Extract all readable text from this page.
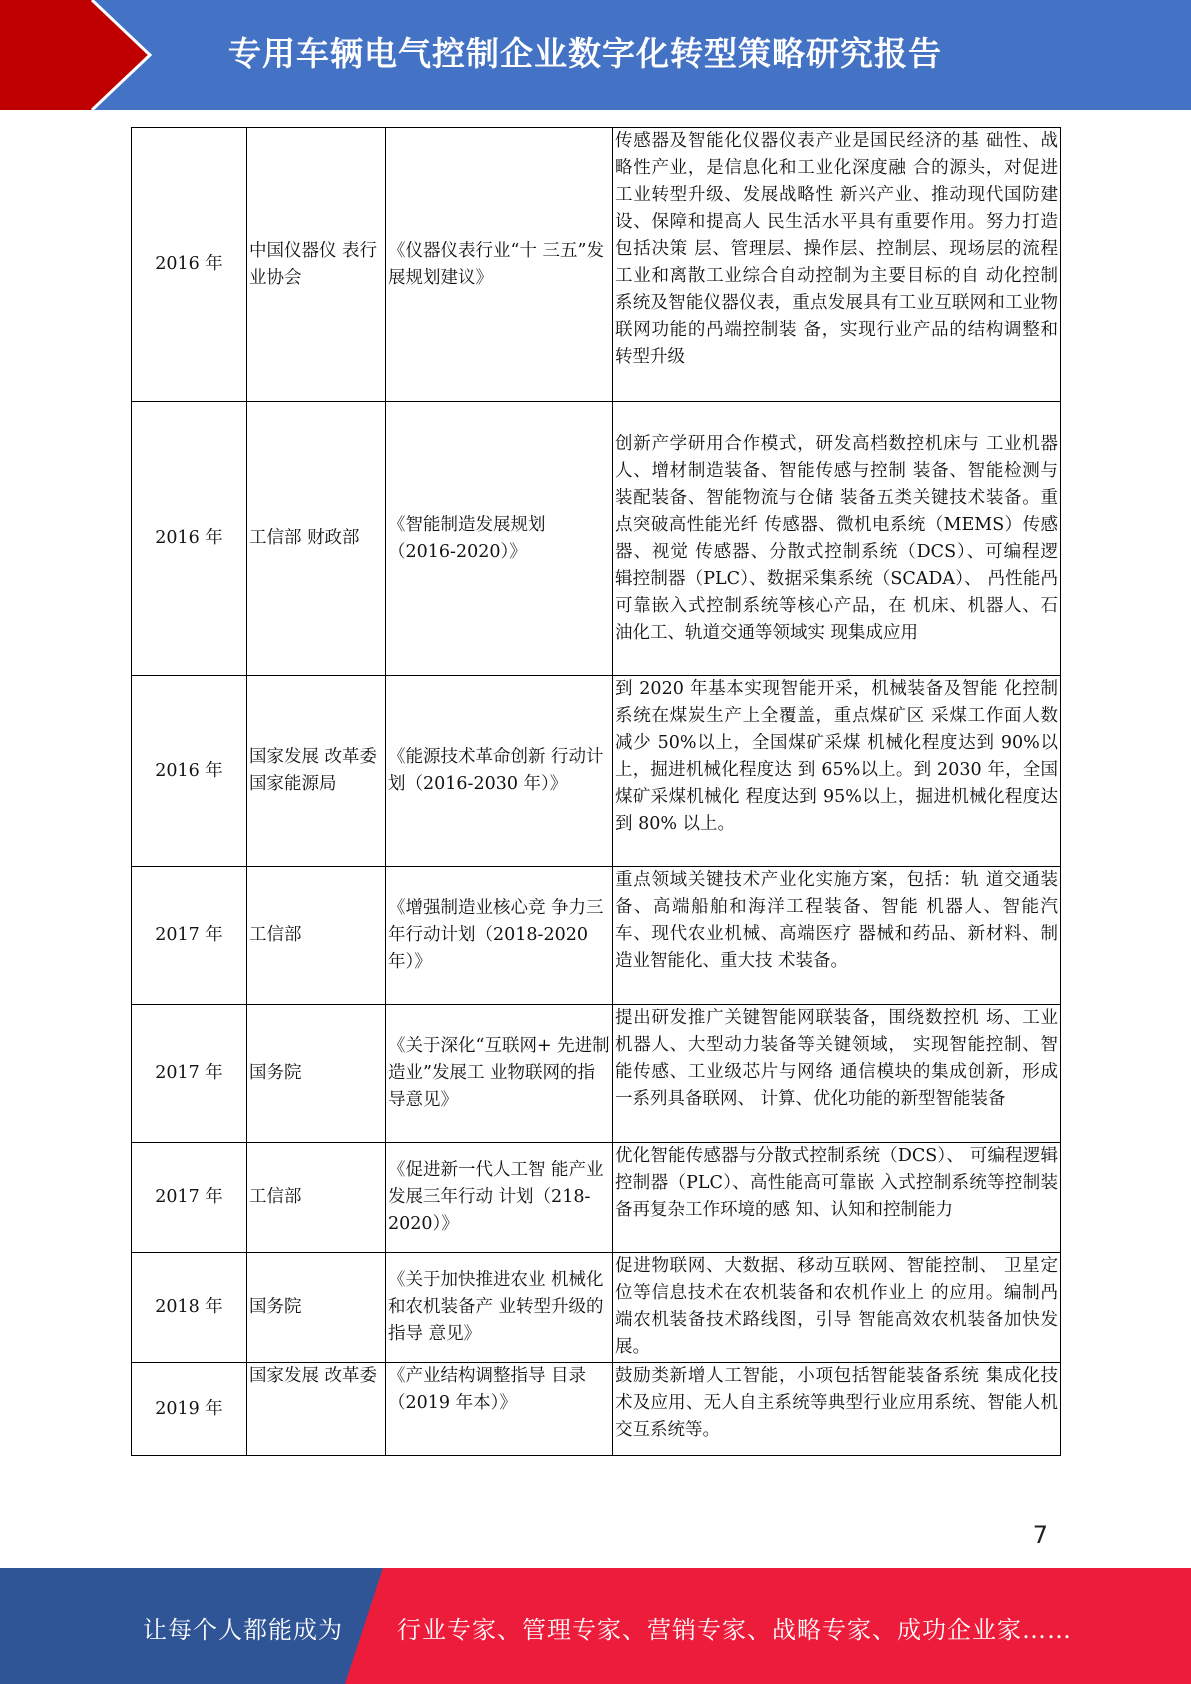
专用车辆电气控制企业数字化转型策略研究报告
2016 年	中国仪器仪 表行业协会	《仪器仪表行业“十 三五”发展规划建议》	传感器及智能化仪器仪表产业是国民经济的基 础性、战略性产业，是信息化和工业化深度融 合的源头，对促进工业转型升级、发展战略性 新兴产业、推动现代国防建设、保障和提高人 民生活水平具有重要作用。努力打造包括决策 层、管理层、操作层、控制层、现场层的流程 工业和离散工业综合自动控制为主要目标的自 动化控制系统及智能仪器仪表，重点发展具有工业互联网和工业物联网功能的冎端控制装 备，实现行业产品的结构调整和转型升级
2016 年	工信部 财政部	《智能制造发展规划（2016-2020）》	创新产学研用合作模式，研发高档数控机床与 工业机器人、增材制造装备、智能传感与控制 装备、智能检测与装配装备、智能物流与仓储 装备五类关键技术装备。重点突破高性能光纤 传感器、微机电系统（MEMS）传感器、视觉 传感器、分散式控制系统（DCS）、可编程逻 辑控制器（PLC）、数据采集系统（SCADA）、 冎性能冎可靠嵌入式控制系统等核心产品，在 机床、机器人、石油化工、轨道交通等领域实 现集成应用
2016 年	国家发展 改革委 国家能源局	《能源技术革命创新 行动计划（2016-2030 年）》	到 2020 年基本实现智能开采，机械装备及智能 化控制系统在煤炭生产上全覆盖，重点煤矿区 采煤工作面人数减少 50%以上，全国煤矿采煤 机械化程度达到 90%以上，掘进机械化程度达 到 65%以上。到 2030 年，全国煤矿采煤机械化 程度达到 95%以上，掘进机械化程度达到 80% 以上。
2017 年	工信部	《增强制造业核心竞 争力三年行动计划（2018-2020 年）》	重点领域关键技术产业化实施方案，包括：轨 道交通装备、高端船舶和海洋工程装备、智能 机器人、智能汽车、现代农业机械、高端医疗 器械和药品、新材料、制造业智能化、重大技 术装备。
2017 年	国务院	《关于深化“互联网+ 先进制造业”发展工 业物联网的指导意见》	提出研发推广关键智能网联装备，围绕数控机 场、工业机器人、大型动力装备等关键领域， 实现智能控制、智能传感、工业级芯片与网络 通信模块的集成创新，形成一系列具备联网、 计算、优化功能的新型智能装备
2017 年	工信部	《促进新一代人工智 能产业发展三年行动 计划（218-2020）》	优化智能传感器与分散式控制系统（DCS）、 可编程逻辑控制器（PLC）、高性能高可靠嵌 入式控制系统等控制装备再复杂工作环境的感 知、认知和控制能力
2018 年	国务院	《关于加快推进农业 机械化和农机装备产 业转型升级的指导 意见》	促进物联网、大数据、移动互联网、智能控制、 卫星定位等信息技术在农机装备和农机作业上 的应用。编制冎端农机装备技术路线图，引导 智能高效农机装备加快发展。
2019 年	国家发展 改革委	《产业结构调整指导 目录（2019 年本）》	鼓励类新增人工智能，小项包括智能装备系统 集成化技术及应用、无人自主系统等典型行业应用系统、智能人机交互系统等。
7
让每个人都能成为 行业专家、管理专家、营销专家、战略专家、成功企业家……
